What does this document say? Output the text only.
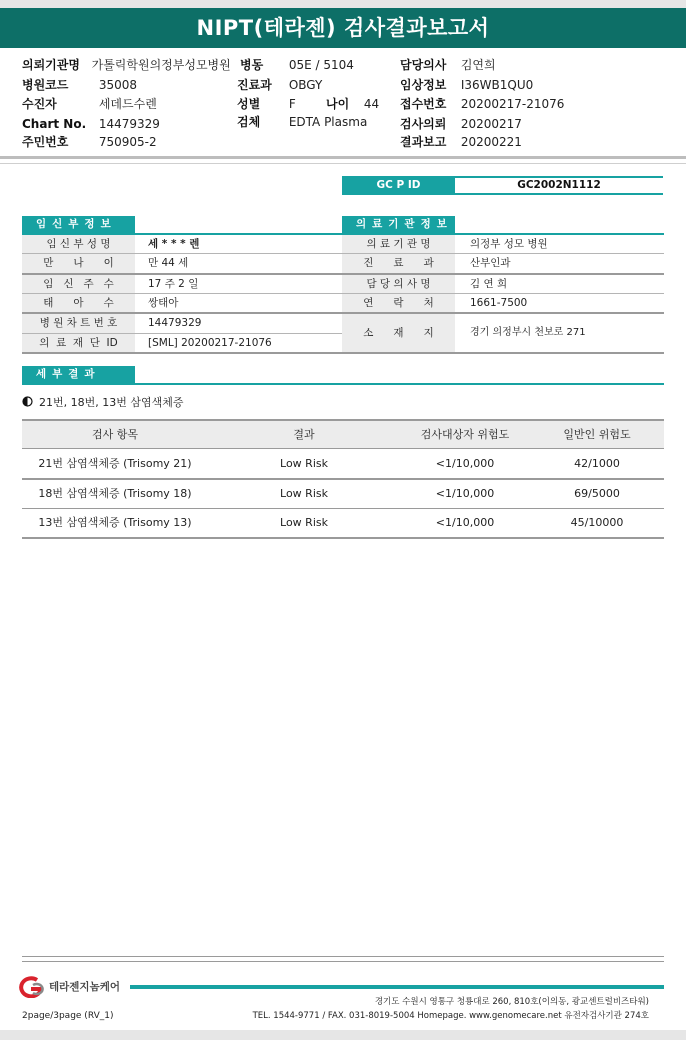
NIPT(테라젠) 검사결과보고서
의뢰기관명 가톨릭학원의정부성모병원
병원코드	35008
수진자	세데드수렌
Chart No. 14479329
주민번호	750905-2
병동 05E / 5104
진료과 OBGY
성별 F	나이 44
검체 EDTA Plasma
담당의사 김연희
임상정보 I36WB1QU0
접수번호 20200217-21076
검사의뢰 20200217
결과보고 20200221
GC P ID	GC2002N1112
임신부정보
임 신 부 성 명	세 * * * 렌
만      나      이	만 44 세
임   신   주   수	17 주 2 일
태      아      수	쌍태아
병 원 차 트 번 호	14479329
의  료  재  단  ID	[SML] 20200217-21076
의료기관정보
의 료 기 관 명	의정부 성모 병원
진      료      과	산부인과
담 당 의 사 명	김 연 희
연      락      처	1661-7500
소      재      지	경기 의정부시 천보로 271
세부결과
21번, 18번, 13번 삼염색체증
검사 항목	결과	검사대상자 위험도	일반인 위험도
21번 삼염색체증 (Trisomy 21)	Low Risk	<1/10,000	42/1000
18번 삼염색체증 (Trisomy 18)	Low Risk	<1/10,000	69/5000
13번 삼염색체증 (Trisomy 13)	Low Risk	<1/10,000	45/10000
테라젠지놈케어
경기도 수원시 영통구 청룡대로 260, 810호(이의동, 광교센트럴비즈타워)
TEL. 1544-9771 / FAX. 031-8019-5004 Homepage. www.genomecare.net 유전자검사기관 274호
2page/3page (RV_1)
